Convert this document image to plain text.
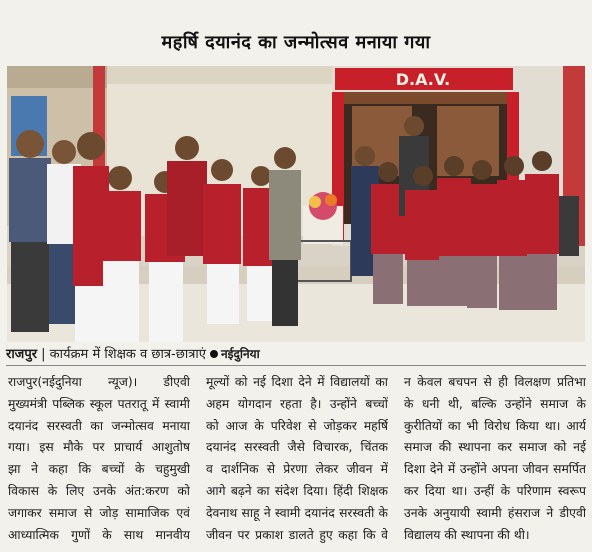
महर्षि दयानंद का जन्मोत्सव मनाया गया
D.A.V.
राजपुर | कार्यक्रम में शिक्षक व छात्र-छात्राएं नईदुनिया
राजपुर(नईदुनिया न्यूज)। डीएवी
मुख्यमंत्री पब्लिक स्कूल पतरातू में स्वामी
दयानंद सरस्वती का जन्मोत्सव मनाया
गया। इस मौके पर प्राचार्य आशुतोष
झा ने कहा कि बच्चों के चहुमुखी
विकास के लिए उनके अंत:करण को
जगाकर समाज से जोड़ सामाजिक एवं
आध्यात्मिक गुणों के साथ मानवीय
मूल्यों को नई दिशा देने में विद्यालयों का
अहम योगदान रहता है। उन्होंने बच्चों
को आज के परिवेश से जोड़कर महर्षि
दयानंद सरस्वती जैसे विचारक, चिंतक
व दार्शनिक से प्रेरणा लेकर जीवन में
आगे बढ़ने का संदेश दिया। हिंदी शिक्षक
देवनाथ साहू ने स्वामी दयानंद सरस्वती के
जीवन पर प्रकाश डालते हुए कहा कि वे
न केवल बचपन से ही विलक्षण प्रतिभा
के धनी थी, बल्कि उन्होंने समाज के
कुरीतियों का भी विरोध किया था। आर्य
समाज की स्थापना कर समाज को नई
दिशा देने में उन्होंने अपना जीवन समर्पित
कर दिया था। उन्हीं के परिणाम स्वरूप
उनके अनुयायी स्वामी हंसराज ने डीएवी
विद्यालय की स्थापना की थी।
